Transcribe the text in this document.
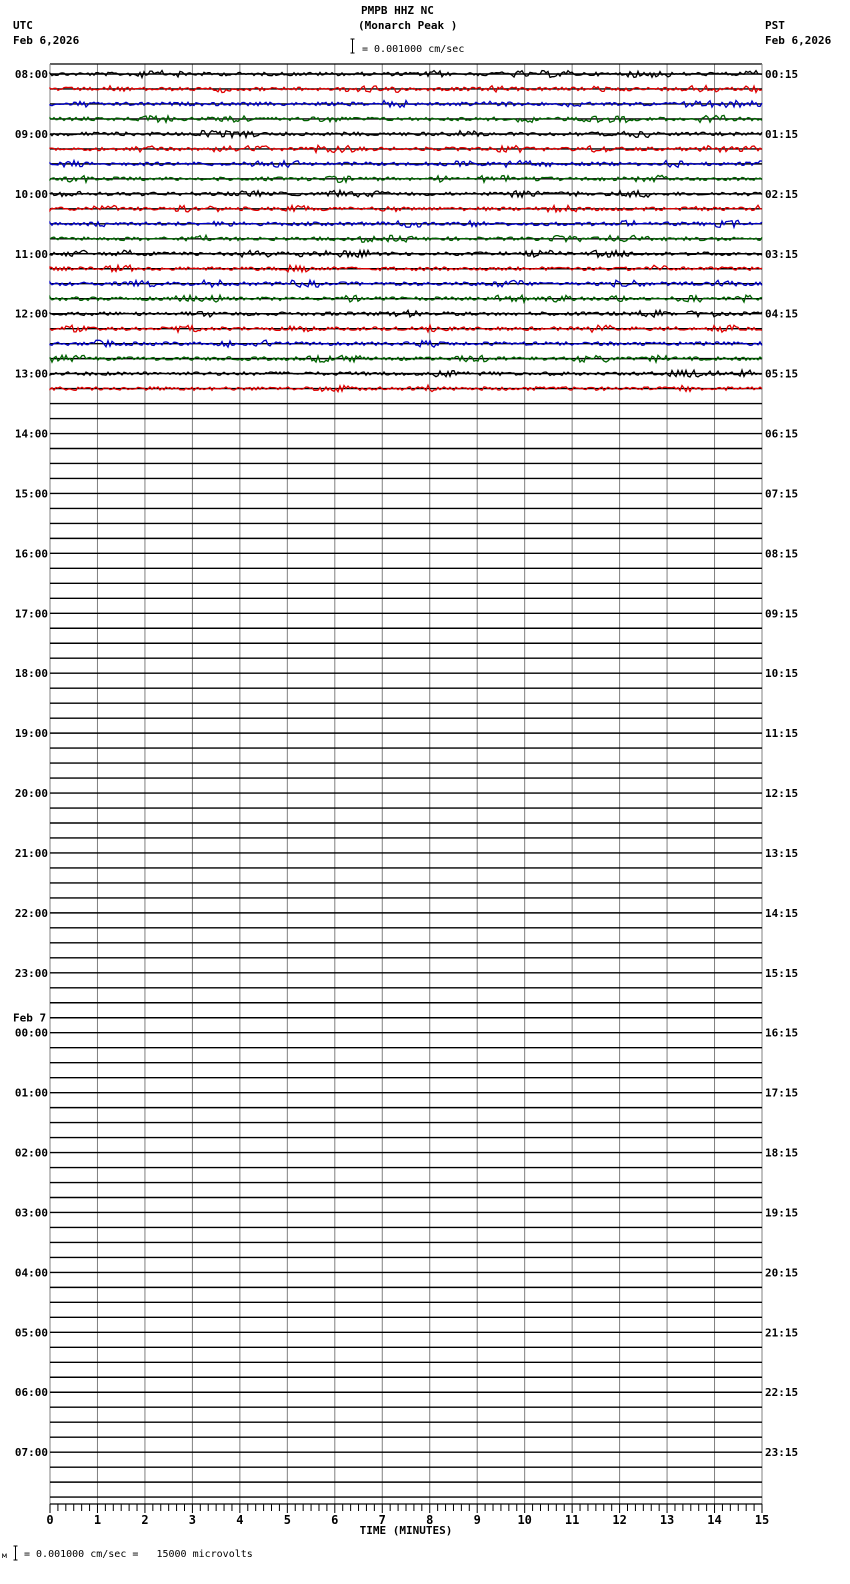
PMPB HHZ NC
(Monarch Peak )
UTC
Feb 6,2026
PST
Feb 6,2026
= 0.001000 cm/sec
м = 0.001000 cm/sec =   15000 microvolts
08:00	00:15
09:00	01:15
10:00	02:15
11:00	03:15
12:00	04:15
13:00	05:15
14:00	06:15
15:00	07:15
16:00	08:15
17:00	09:15
18:00	10:15
19:00	11:15
20:00	12:15
21:00	13:15
22:00	14:15
23:00	15:15
00:00	16:15
Feb 7
01:00	17:15
02:00	18:15
03:00	19:15
04:00	20:15
05:00	21:15
06:00	22:15
07:00	23:15
0	1	2	3	4	5	6	7	8	9	10	11	12	13	14	15
TIME (MINUTES)
